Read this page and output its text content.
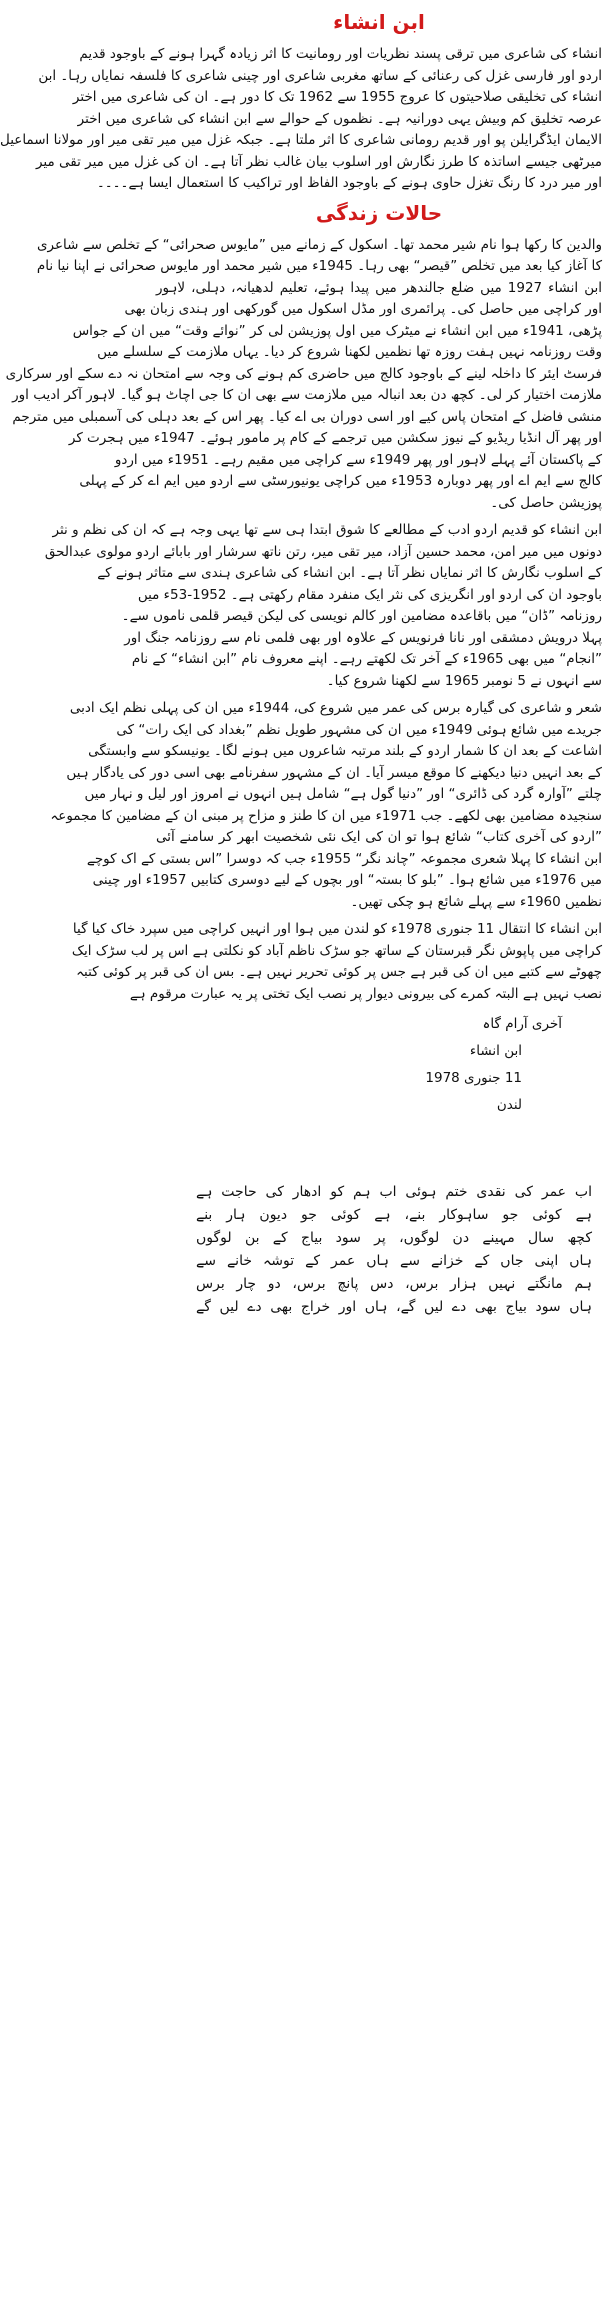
ابن انشاء
انشاء کی شاعری میں ترقی پسند نظریات اور رومانیت کا اثر زیادہ گہرا ہونے کے باوجود قدیم
اردو اور فارسی غزل کی رعنائی کے ساتھ مغربی شاعری اور چینی شاعری کا فلسفہ نمایاں رہا۔ ابن
انشاء کی تخلیقی صلاحیتوں کا عروج 1955 سے 1962 تک کا دور ہے۔ ان کی شاعری میں اختر
عرصہ تخلیق کم وبیش یہی دورانیہ ہے۔ نظموں کے حوالے سے ابن انشاء کی شاعری میں اختر
الایمان ایڈگرایلن پو اور قدیم رومانی شاعری کا اثر ملتا ہے۔ جبکہ غزل میں میر تقی میر اور مولانا اسماعیل
میرٹھی جیسے اساتذہ کا طرز نگارش اور اسلوب بیان غالب نظر آتا ہے۔ ان کی غزل میں میر تقی میر
اور میر درد کا رنگ تغزل حاوی ہونے کے باوجود الفاظ اور تراکیب کا استعمال ایسا ہے۔۔۔۔
حالات زندگی
والدین کا رکھا ہوا نام شیر محمد تھا۔ اسکول کے زمانے میں ”مایوس صحرائی“ کے تخلص سے شاعری
کا آغاز کیا بعد میں تخلص ”قیصر“ بھی رہا۔ 1945ء میں شیر محمد اور مایوس صحرائی نے اپنا نیا نام
ابن انشاء 1927 میں ضلع جالندھر میں پیدا ہوئے، تعلیم لدھیانہ، دہلی، لاہور
اور کراچی میں حاصل کی۔ پرائمری اور مڈل اسکول میں گورکھی اور ہندی زبان بھی
پڑھی، 1941ء میں ابن انشاء نے میٹرک میں اول پوزیشن لی کر ”نوائے وقت“ میں ان کے جواس
وقت روزنامہ نہیں ہفت روزہ تھا نظمیں لکھنا شروع کر دیا۔ یہاں ملازمت کے سلسلے میں
فرسٹ ایئر کا داخلہ لینے کے باوجود کالج میں حاضری کم ہونے کی وجہ سے امتحان نہ دے سکے اور سرکاری
ملازمت اختیار کر لی۔ کچھ دن بعد انبالہ میں ملازمت سے بھی ان کا جی اچاٹ ہو گیا۔ لاہور آکر ادیب اور
منشی فاضل کے امتحان پاس کیے اور اسی دوران بی اے کیا۔ پھر اس کے بعد دہلی کی آسمبلی میں مترجم
اور پھر آل انڈیا ریڈیو کے نیوز سکشن میں ترجمے کے کام پر مامور ہوئے۔ 1947ء میں ہجرت کر
کے پاکستان آئے پہلے لاہور اور پھر 1949ء سے کراچی میں مقیم رہے۔ 1951ء میں اردو
کالج سے ایم اے اور پھر دوبارہ 1953ء میں کراچی یونیورسٹی سے اردو میں ایم اے کر کے پہلی
پوزیشن حاصل کی۔
ابن انشاء کو قدیم اردو ادب کے مطالعے کا شوق ابتدا ہی سے تھا یہی وجہ ہے کہ ان کی نظم و نثر
دونوں میں میر امن، محمد حسین آزاد، میر تقی میر، رتن ناتھ سرشار اور بابائے اردو مولوی عبدالحق
کے اسلوب نگارش کا اثر نمایاں نظر آتا ہے۔ ابن انشاء کی شاعری ہندی سے متاثر ہونے کے
باوجود ان کی اردو اور انگریزی کی نثر ایک منفرد مقام رکھتی ہے۔ 1952-53ء میں
روزنامہ ”ڈان“ میں باقاعدہ مضامین اور کالم نویسی کی لیکن قیصر قلمی ناموں سے۔
پہلا درویش دمشقی اور نانا فرنویس کے علاوہ اور بھی فلمی نام سے روزنامہ جنگ اور
”انجام“ میں بھی 1965ء کے آخر تک لکھتے رہے۔ اپنے معروف نام ”ابن انشاء“ کے نام
سے انہوں نے 5 نومبر 1965 سے لکھنا شروع کیا۔
شعر و شاعری کی گیارہ برس کی عمر میں شروع کی، 1944ء میں ان کی پہلی نظم ایک ادبی
جریدے میں شائع ہوئی 1949ء میں ان کی مشہور طویل نظم ”بغداد کی ایک رات“ کی
اشاعت کے بعد ان کا شمار اردو کے بلند مرتبہ شاعروں میں ہونے لگا۔ یونیسکو سے وابستگی
کے بعد انہیں دنیا دیکھنے کا موقع میسر آیا۔ ان کے مشہور سفرنامے بھی اسی دور کی یادگار ہیں
چلتے ”آوارہ گرد کی ڈائری“ اور ”دنیا گول ہے“ شامل ہیں انہوں نے امروز اور لیل و نہار میں
سنجیدہ مضامین بھی لکھے۔ جب 1971ء میں ان کا طنز و مزاح پر مبنی ان کے مضامین کا مجموعہ
”اردو کی آخری کتاب“ شائع ہوا تو ان کی ایک نئی شخصیت ابھر کر سامنے آئی
ابن انشاء کا پہلا شعری مجموعہ ”چاند نگر“ 1955ء جب کہ دوسرا ”اس بستی کے اک کوچے
میں 1976ء میں شائع ہوا۔ ”بلو کا بستہ“ اور بچوں کے لیے دوسری کتابیں 1957ء اور چینی
نظمیں 1960ء سے پہلے شائع ہو چکی تھیں۔
ابن انشاء کا انتقال 11 جنوری 1978ء کو لندن میں ہوا اور انہیں کراچی میں سپرد خاک کیا گیا
کراچی میں پاپوش نگر قبرستان کے ساتھ جو سڑک ناظم آباد کو نکلتی ہے اس پر لب سڑک ایک
چھوٹے سے کتبے میں ان کی قبر ہے جس پر کوئی تحریر نہیں ہے۔ بس ان کی قبر پر کوئی کتبہ
نصب نہیں ہے البتہ کمرے کی بیرونی دیوار پر نصب ایک تختی پر یہ عبارت مرقوم ہے
آخری آرام گاہ
ابن انشاء
11 جنوری 1978
لندن
اب عمر کی نقدی ختم ہوئی اب ہم کو ادھار کی حاجت ہے
ہے کوئی جو ساہوکار بنے، ہے کوئی جو دیون ہار بنے
کچھ سال مہینے دن لوگوں، پر سود بیاج کے بن لوگوں
ہاں اپنی جاں کے خزانے سے ہاں عمر کے توشہ خانے سے
ہم مانگتے نہیں ہزار برس، دس پانچ برس، دو چار برس
ہاں سود بیاج بھی دے لیں گے، ہاں اور خراج بھی دے لیں گے
